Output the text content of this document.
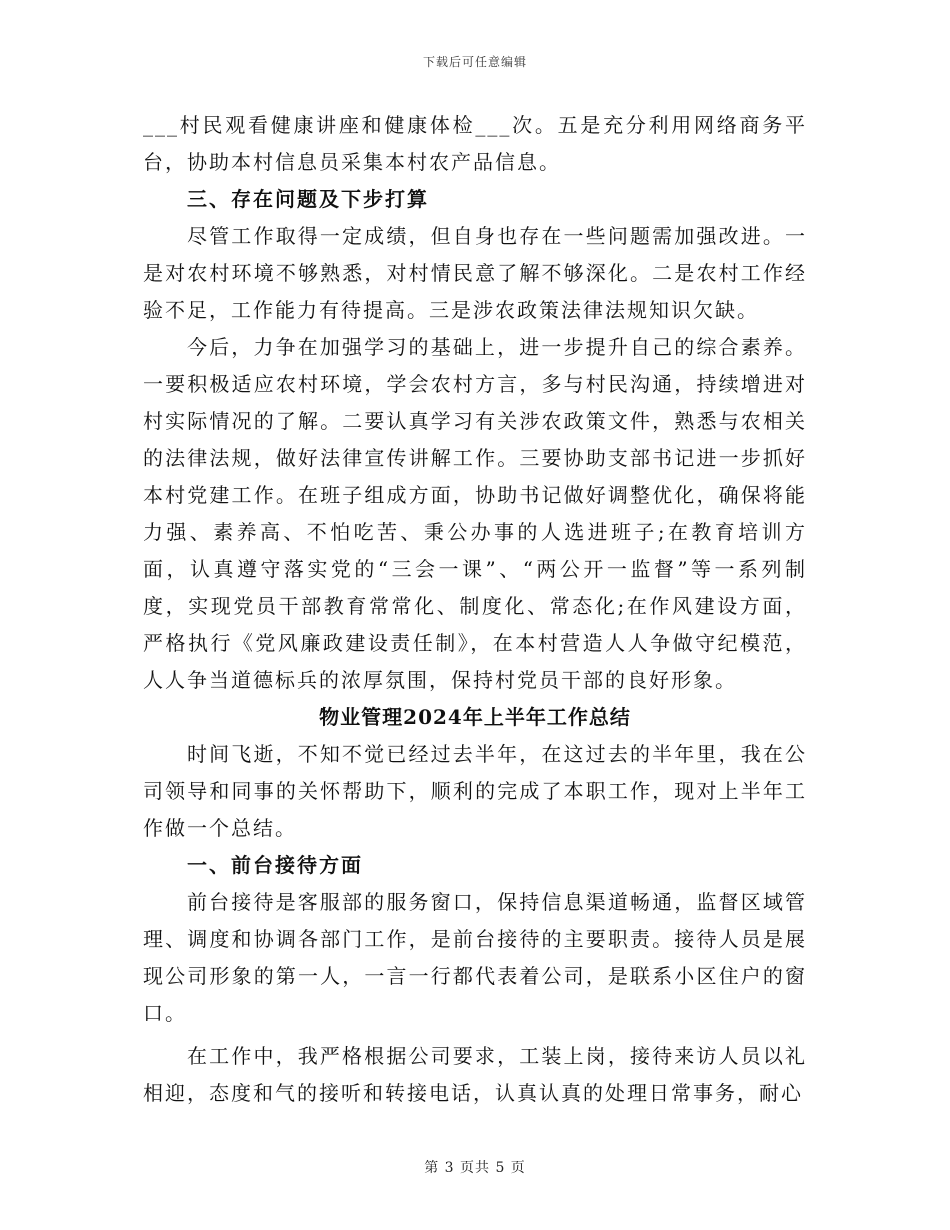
下载后可任意编辑

___村民观看健康讲座和健康体检___次。五是充分利用网络商务平台，协助本村信息员采集本村农产品信息。

三、存在问题及下步打算

尽管工作取得一定成绩，但自身也存在一些问题需加强改进。一是对农村环境不够熟悉，对村情民意了解不够深化。二是农村工作经验不足，工作能力有待提高。三是涉农政策法律法规知识欠缺。

今后，力争在加强学习的基础上，进一步提升自己的综合素养。一要积极适应农村环境，学会农村方言，多与村民沟通，持续增进对村实际情况的了解。二要认真学习有关涉农政策文件，熟悉与农相关的法律法规，做好法律宣传讲解工作。三要协助支部书记进一步抓好本村党建工作。在班子组成方面，协助书记做好调整优化，确保将能力强、素养高、不怕吃苦、秉公办事的人选进班子;在教育培训方面，认真遵守落实党的“三会一课”、“两公开一监督”等一系列制度，实现党员干部教育常常化、制度化、常态化;在作风建设方面，严格执行《党风廉政建设责任制》，在本村营造人人争做守纪模范，人人争当道德标兵的浓厚氛围，保持村党员干部的良好形象。

物业管理2024年上半年工作总结

时间飞逝，不知不觉已经过去半年，在这过去的半年里，我在公司领导和同事的关怀帮助下，顺利的完成了本职工作，现对上半年工作做一个总结。

一、前台接待方面

前台接待是客服部的服务窗口，保持信息渠道畅通，监督区域管理、调度和协调各部门工作，是前台接待的主要职责。接待人员是展现公司形象的第一人，一言一行都代表着公司，是联系小区住户的窗口。

在工作中，我严格根据公司要求，工装上岗，接待来访人员以礼相迎，态度和气的接听和转接电话，认真认真的处理日常事务，耐心

第 3 页共 5 页
